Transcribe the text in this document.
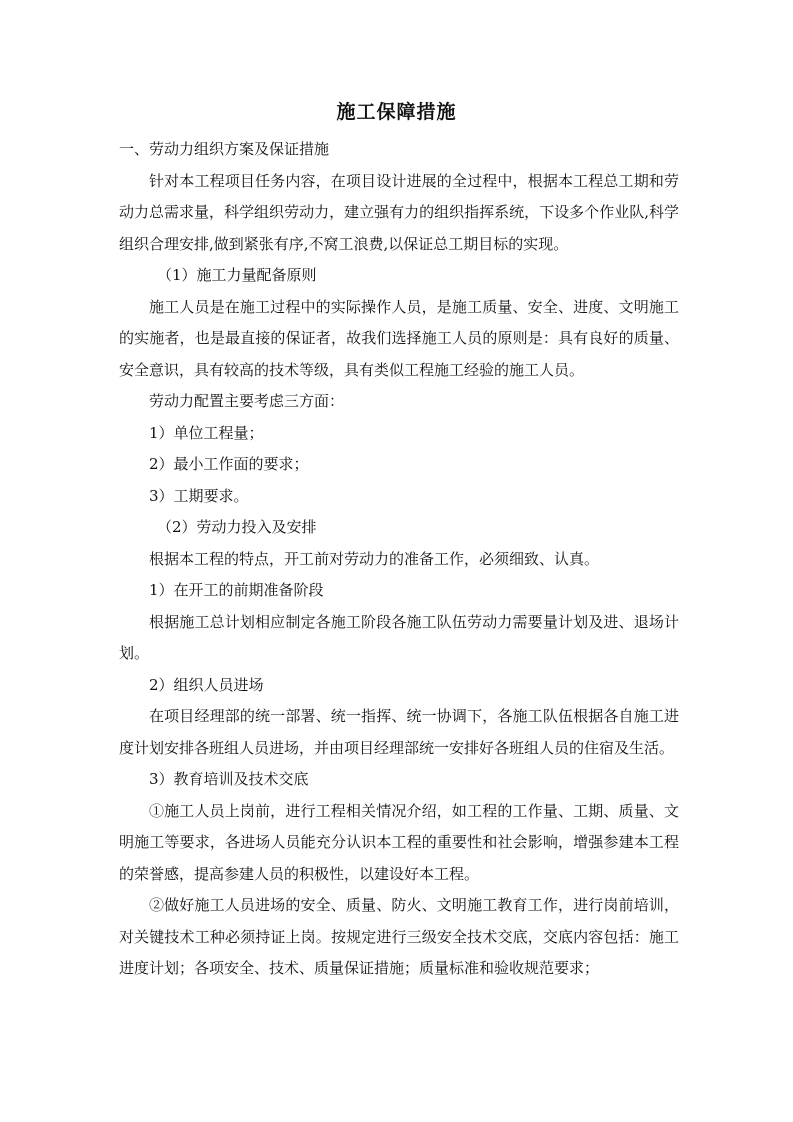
施工保障措施

一、劳动力组织方案及保证措施

针对本工程项目任务内容，在项目设计进展的全过程中，根据本工程总工期和劳动力总需求量，科学组织劳动力，建立强有力的组织指挥系统，下设多个作业队,科学组织合理安排,做到紧张有序,不窝工浪费,以保证总工期目标的实现。

（1）施工力量配备原则

施工人员是在施工过程中的实际操作人员，是施工质量、安全、进度、文明施工的实施者，也是最直接的保证者，故我们选择施工人员的原则是：具有良好的质量、安全意识，具有较高的技术等级，具有类似工程施工经验的施工人员。

劳动力配置主要考虑三方面：

1）单位工程量；

2）最小工作面的要求；

3）工期要求。

（2）劳动力投入及安排

根据本工程的特点，开工前对劳动力的准备工作，必须细致、认真。

1）在开工的前期准备阶段

根据施工总计划相应制定各施工阶段各施工队伍劳动力需要量计划及进、退场计划。

2）组织人员进场

在项目经理部的统一部署、统一指挥、统一协调下，各施工队伍根据各自施工进度计划安排各班组人员进场，并由项目经理部统一安排好各班组人员的住宿及生活。

3）教育培训及技术交底

①施工人员上岗前，进行工程相关情况介绍，如工程的工作量、工期、质量、文明施工等要求，各进场人员能充分认识本工程的重要性和社会影响，增强参建本工程的荣誉感，提高参建人员的积极性，以建设好本工程。

②做好施工人员进场的安全、质量、防火、文明施工教育工作，进行岗前培训，对关键技术工种必须持证上岗。按规定进行三级安全技术交底，交底内容包括：施工进度计划；各项安全、技术、质量保证措施；质量标准和验收规范要求；
